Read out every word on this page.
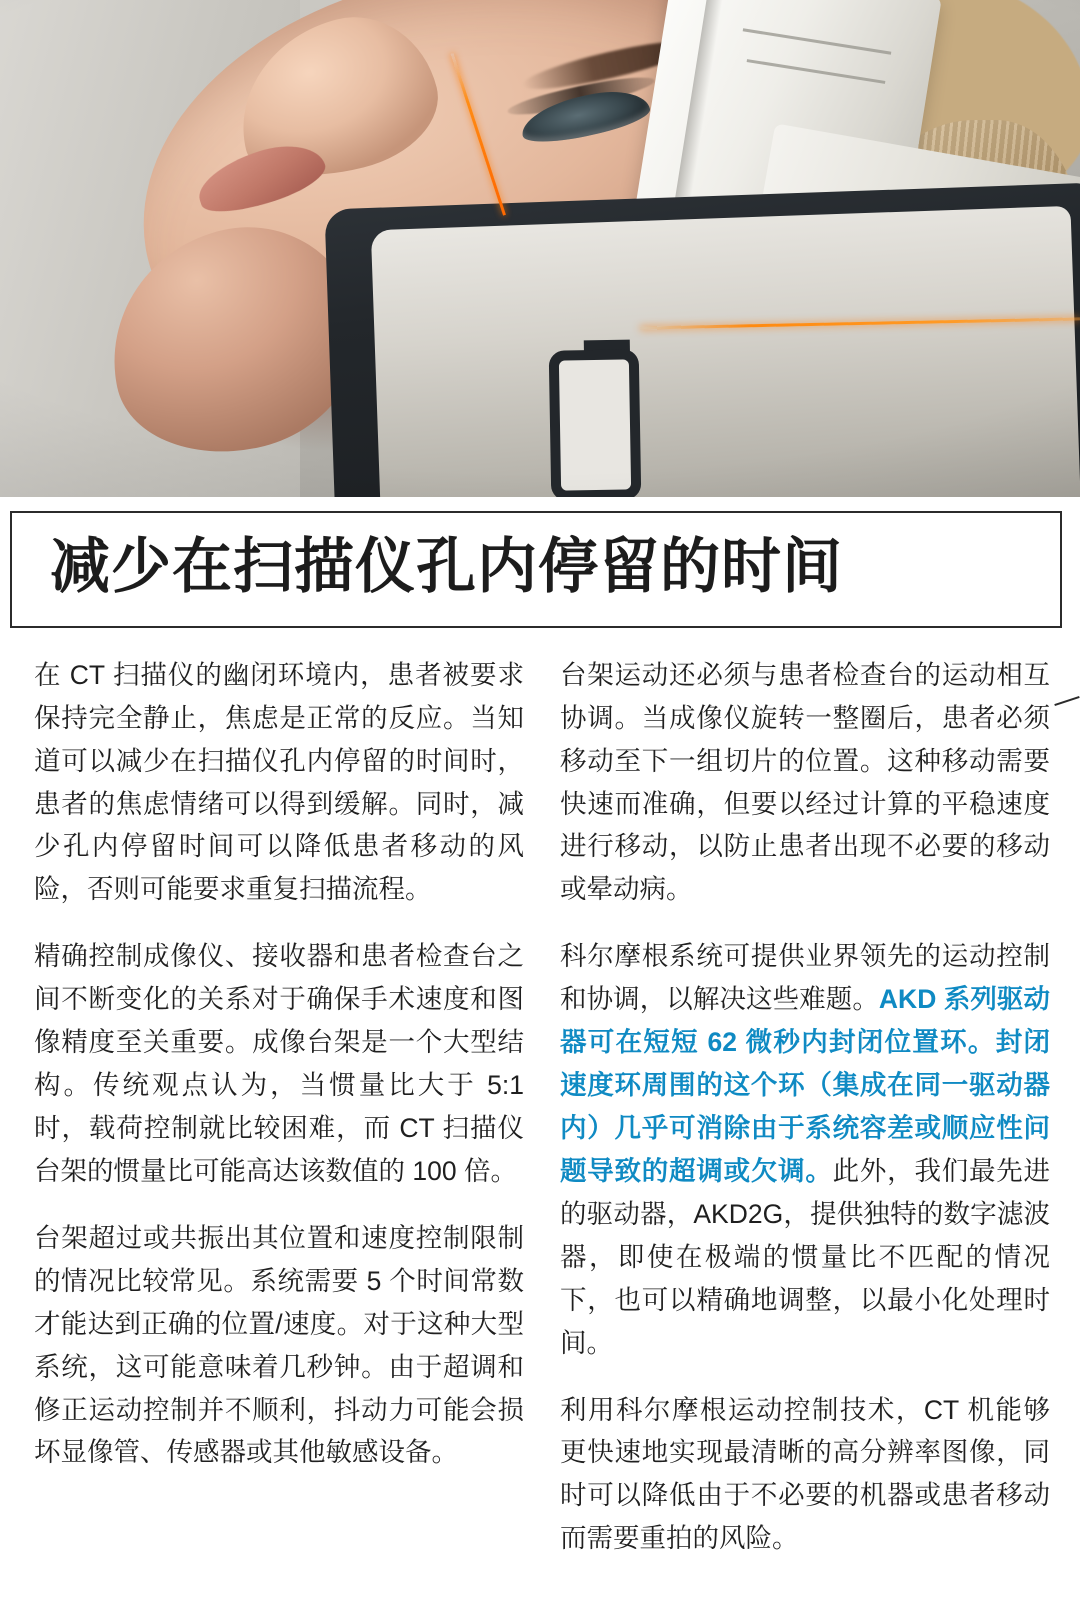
减少在扫描仪孔内停留的时间

在 CT 扫描仪的幽闭环境内，患者被要求保持完全静止，焦虑是正常的反应。当知道可以减少在扫描仪孔内停留的时间时，患者的焦虑情绪可以得到缓解。同时，减少孔内停留时间可以降低患者移动的风险，否则可能要求重复扫描流程。

精确控制成像仪、接收器和患者检查台之间不断变化的关系对于确保手术速度和图像精度至关重要。成像台架是一个大型结构。传统观点认为，当惯量比大于 5:1 时，载荷控制就比较困难，而 CT 扫描仪台架的惯量比可能高达该数值的 100 倍。

台架超过或共振出其位置和速度控制限制的情况比较常见。系统需要 5 个时间常数才能达到正确的位置/速度。对于这种大型系统，这可能意味着几秒钟。由于超调和修正运动控制并不顺利，抖动力可能会损坏显像管、传感器或其他敏感设备。

台架运动还必须与患者检查台的运动相互协调。当成像仪旋转一整圈后，患者必须移动至下一组切片的位置。这种移动需要快速而准确，但要以经过计算的平稳速度进行移动，以防止患者出现不必要的移动或晕动病。

科尔摩根系统可提供业界领先的运动控制和协调，以解决这些难题。AKD 系列驱动器可在短短 62 微秒内封闭位置环。封闭速度环周围的这个环（集成在同一驱动器内）几乎可消除由于系统容差或顺应性问题导致的超调或欠调。此外，我们最先进的驱动器，AKD2G，提供独特的数字滤波器，即使在极端的惯量比不匹配的情况下，也可以精确地调整，以最小化处理时间。

利用科尔摩根运动控制技术，CT 机能够更快速地实现最清晰的高分辨率图像，同时可以降低由于不必要的机器或患者移动而需要重拍的风险。
